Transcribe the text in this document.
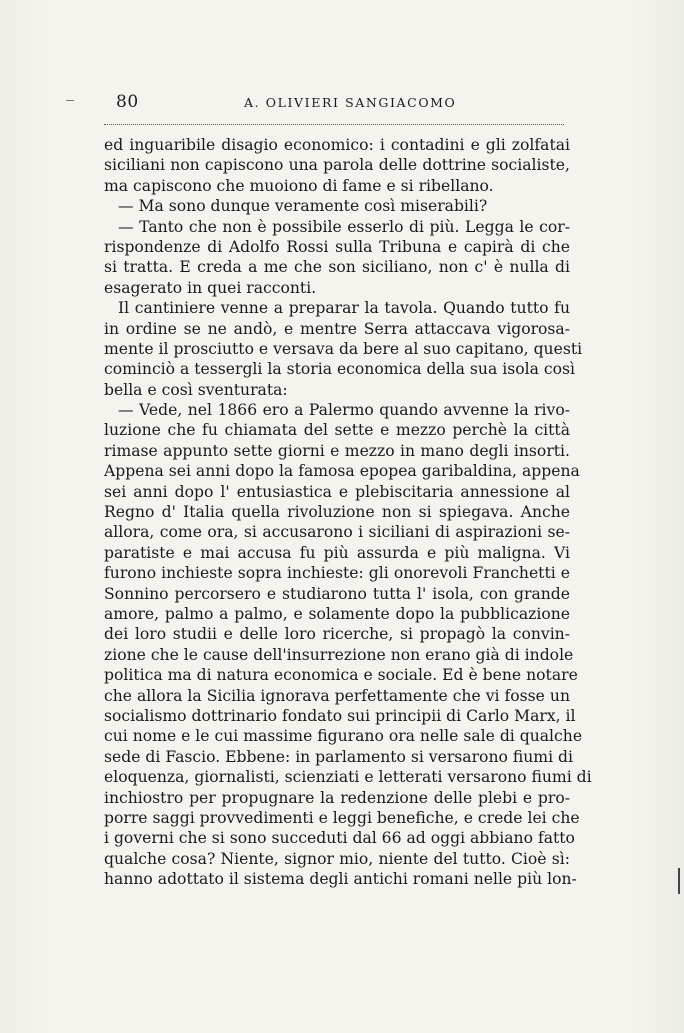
80	A. OLIVIERI SANGIACOMO
ed inguaribile disagio economico: i contadini e gli zolfatai
siciliani non capiscono una parola delle dottrine socialiste,
ma capiscono che muoiono di fame e si ribellano.
— Ma sono dunque veramente così miserabili?
— Tanto che non è possibile esserlo di più. Legga le cor-
rispondenze di Adolfo Rossi sulla Tribuna e capirà di che
si tratta. E creda a me che son siciliano, non c' è nulla di
esagerato in quei racconti.
Il cantiniere venne a preparar la tavola. Quando tutto fu
in ordine se ne andò, e mentre Serra attaccava vigorosa-
mente il prosciutto e versava da bere al suo capitano, questi
cominciò a tessergli la storia economica della sua isola così
bella e così sventurata:
— Vede, nel 1866 ero a Palermo quando avvenne la rivo-
luzione che fu chiamata del sette e mezzo perchè la città
rimase appunto sette giorni e mezzo in mano degli insorti.
Appena sei anni dopo la famosa epopea garibaldina, appena
sei anni dopo l' entusiastica e plebiscitaria annessione al
Regno d' Italia quella rivoluzione non si spiegava. Anche
allora, come ora, si accusarono i siciliani di aspirazioni se-
paratiste e mai accusa fu più assurda e più maligna. Vi
furono inchieste sopra inchieste: gli onorevoli Franchetti e
Sonnino percorsero e studiarono tutta l' isola, con grande
amore, palmo a palmo, e solamente dopo la pubblicazione
dei loro studii e delle loro ricerche, si propagò la convin-
zione che le cause dell'insurrezione non erano già di indole
politica ma di natura economica e sociale. Ed è bene notare
che allora la Sicilia ignorava perfettamente che vi fosse un
socialismo dottrinario fondato sui principii di Carlo Marx, il
cui nome e le cui massime figurano ora nelle sale di qualche
sede di Fascio. Ebbene: in parlamento si versarono fiumi di
eloquenza, giornalisti, scienziati e letterati versarono fiumi di
inchiostro per propugnare la redenzione delle plebi e pro-
porre saggi provvedimenti e leggi benefiche, e crede lei che
i governi che si sono succeduti dal 66 ad oggi abbiano fatto
qualche cosa? Niente, signor mio, niente del tutto. Cioè sì:
hanno adottato il sistema degli antichi romani nelle più lon-
